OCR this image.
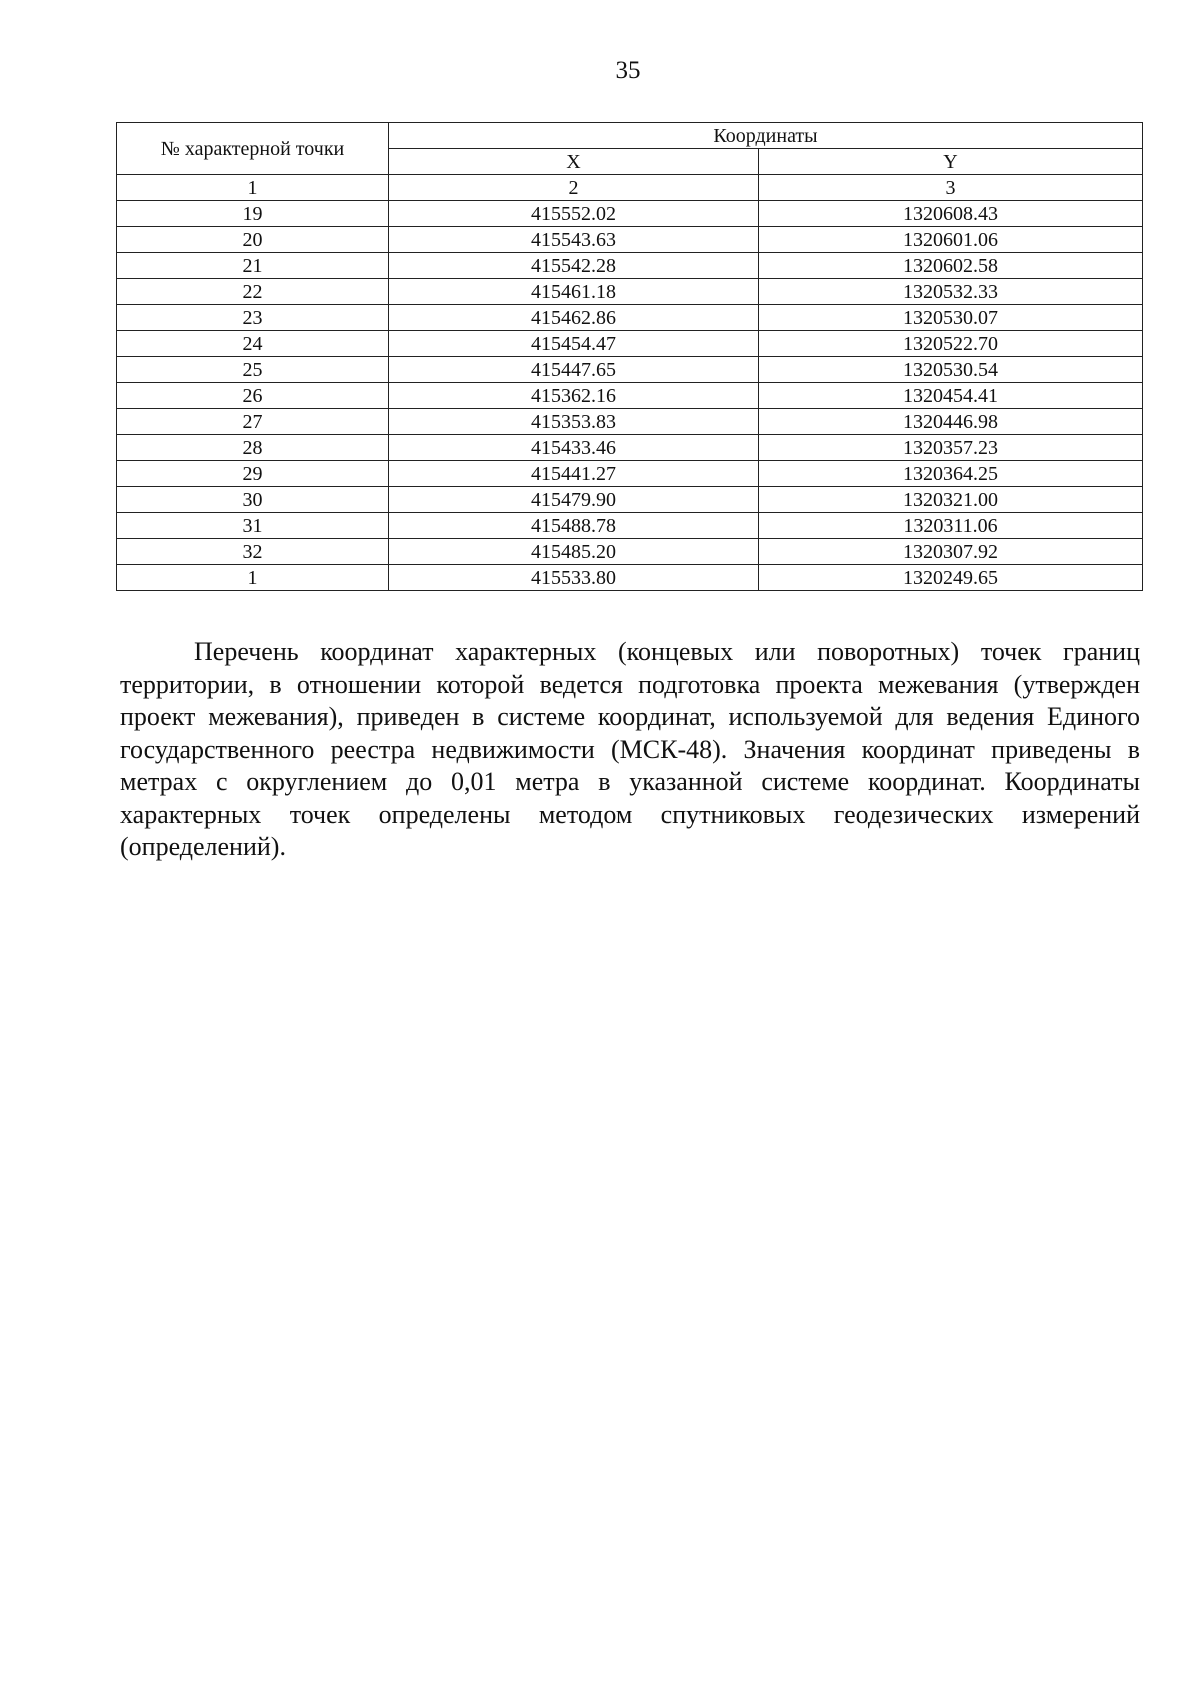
35
№ характерной точки	Координаты	
	X	Y
1	2	3
19	415552.02	1320608.43
20	415543.63	1320601.06
21	415542.28	1320602.58
22	415461.18	1320532.33
23	415462.86	1320530.07
24	415454.47	1320522.70
25	415447.65	1320530.54
26	415362.16	1320454.41
27	415353.83	1320446.98
28	415433.46	1320357.23
29	415441.27	1320364.25
30	415479.90	1320321.00
31	415488.78	1320311.06
32	415485.20	1320307.92
1	415533.80	1320249.65

Перечень координат характерных (концевых или поворотных) точек границ территории, в отношении которой ведется подготовка проекта межевания (утвержден проект межевания), приведен в системе координат, используемой для ведения Единого государственного реестра недвижимости (МСК-48). Значения координат приведены в метрах с округлением до 0,01 метра в указанной системе координат. Координаты характерных точек определены методом спутниковых геодезических измерений (определений).
